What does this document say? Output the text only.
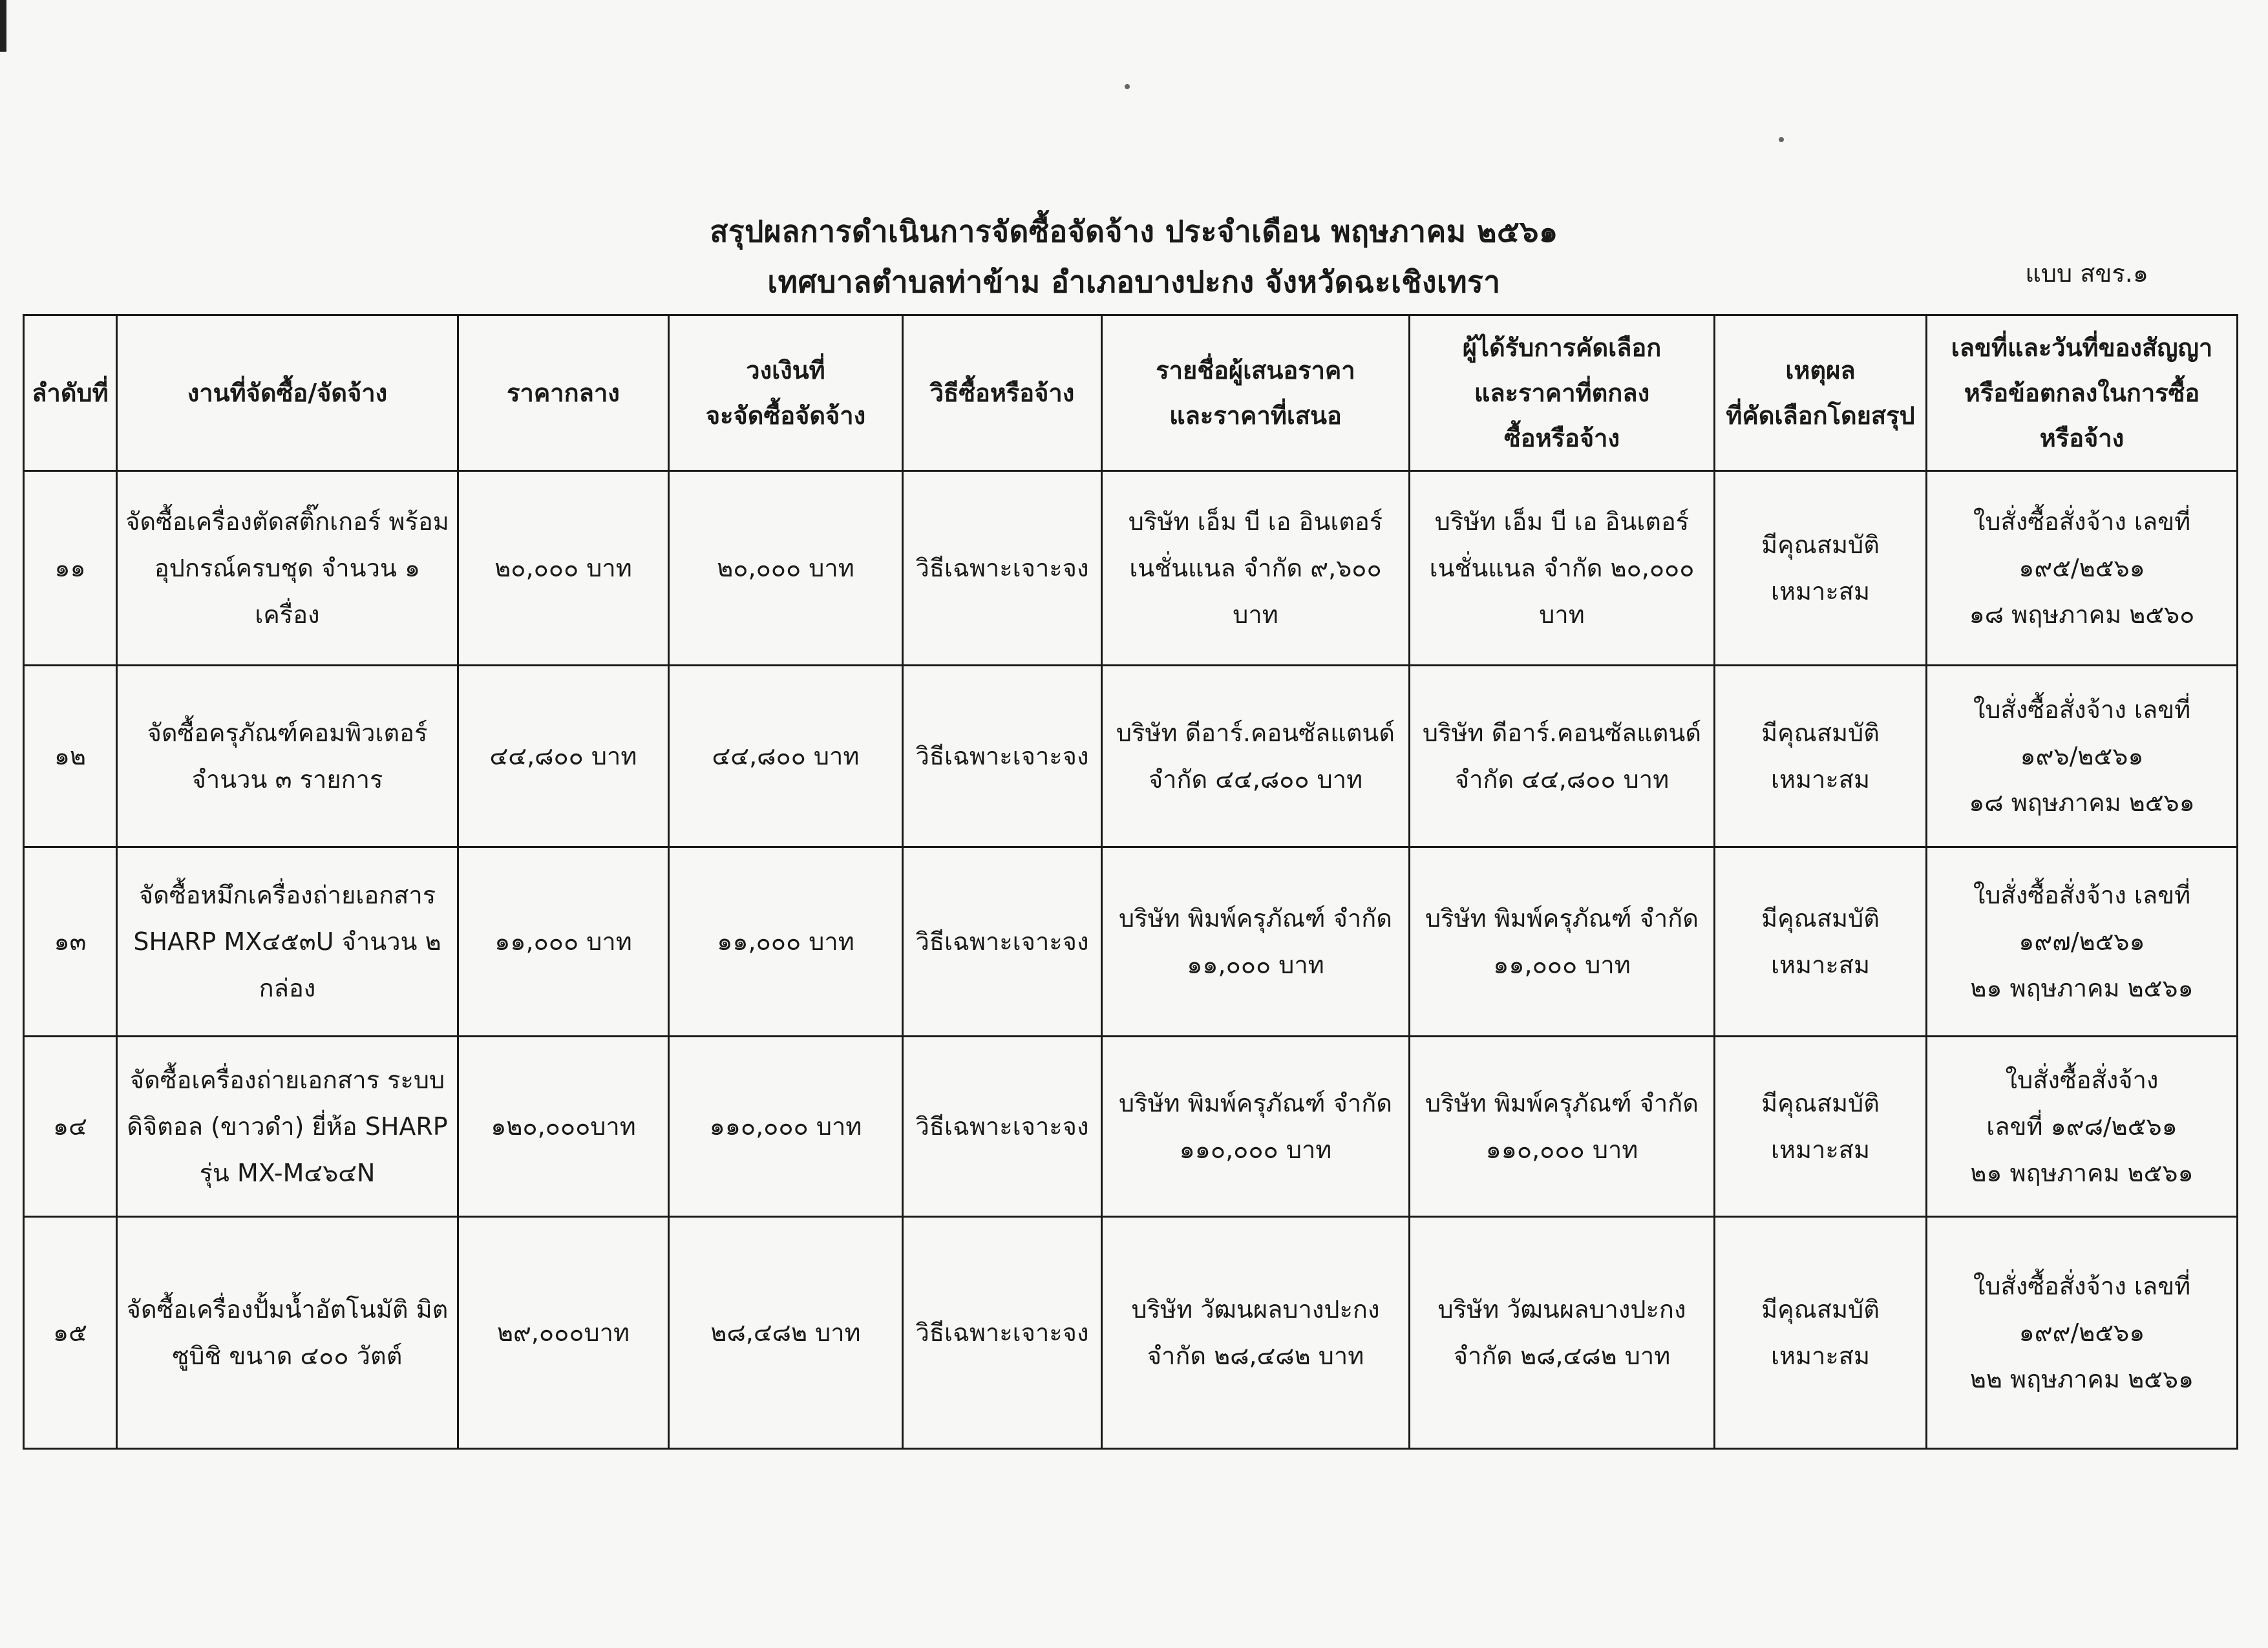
สรุปผลการดำเนินการจัดซื้อจัดจ้าง ประจำเดือน พฤษภาคม ๒๕๖๑
เทศบาลตำบลท่าข้าม อำเภอบางปะกง จังหวัดฉะเชิงเทรา	แบบ สขร.๑
ลำดับที่	งานที่จัดซื้อ/จัดจ้าง	ราคากลาง	วงเงินที่
จะจัดซื้อจัดจ้าง	วิธีซื้อหรือจ้าง	รายชื่อผู้เสนอราคา
และราคาที่เสนอ	ผู้ได้รับการคัดเลือก
และราคาที่ตกลง
ซื้อหรือจ้าง	เหตุผล
ที่คัดเลือกโดยสรุป	เลขที่และวันที่ของสัญญา
หรือข้อตกลงในการซื้อ
หรือจ้าง
๑๑	จัดซื้อเครื่องตัดสติ๊กเกอร์ พร้อม
อุปกรณ์ครบชุด จำนวน ๑ เครื่อง	๒๐,๐๐๐ บาท	๒๐,๐๐๐ บาท	วิธีเฉพาะเจาะจง	บริษัท เอ็ม บี เอ อินเตอร์
เนชั่นแนล จำกัด ๙,๖๐๐
บาท	บริษัท เอ็ม บี เอ อินเตอร์
เนชั่นแนล จำกัด ๒๐,๐๐๐
บาท	มีคุณสมบัติ
เหมาะสม	ใบสั่งซื้อสั่งจ้าง เลขที่
๑๙๕/๒๕๖๑
๑๘ พฤษภาคม ๒๕๖๐
๑๒	จัดซื้อครุภัณฑ์คอมพิวเตอร์
จำนวน ๓ รายการ	๔๔,๘๐๐ บาท	๔๔,๘๐๐ บาท	วิธีเฉพาะเจาะจง	บริษัท ดีอาร์.คอนซัลแตนด์
จำกัด ๔๔,๘๐๐ บาท	บริษัท ดีอาร์.คอนซัลแตนด์
จำกัด ๔๔,๘๐๐ บาท	มีคุณสมบัติ
เหมาะสม	ใบสั่งซื้อสั่งจ้าง เลขที่
๑๙๖/๒๕๖๑
๑๘ พฤษภาคม ๒๕๖๑
๑๓	จัดซื้อหมึกเครื่องถ่ายเอกสาร
SHARP MX๔๕๓U จำนวน ๒
กล่อง	๑๑,๐๐๐ บาท	๑๑,๐๐๐ บาท	วิธีเฉพาะเจาะจง	บริษัท พิมพ์ครุภัณฑ์ จำกัด
๑๑,๐๐๐ บาท	บริษัท พิมพ์ครุภัณฑ์ จำกัด
๑๑,๐๐๐ บาท	มีคุณสมบัติ
เหมาะสม	ใบสั่งซื้อสั่งจ้าง เลขที่
๑๙๗/๒๕๖๑
๒๑ พฤษภาคม ๒๕๖๑
๑๔	จัดซื้อเครื่องถ่ายเอกสาร ระบบ
ดิจิตอล (ขาวดำ) ยี่ห้อ SHARP
รุ่น MX-M๔๖๔N	๑๒๐,๐๐๐บาท	๑๑๐,๐๐๐ บาท	วิธีเฉพาะเจาะจง	บริษัท พิมพ์ครุภัณฑ์ จำกัด
๑๑๐,๐๐๐ บาท	บริษัท พิมพ์ครุภัณฑ์ จำกัด
๑๑๐,๐๐๐ บาท	มีคุณสมบัติ
เหมาะสม	ใบสั่งซื้อสั่งจ้าง
เลขที่ ๑๙๘/๒๕๖๑
๒๑ พฤษภาคม ๒๕๖๑
๑๕	จัดซื้อเครื่องปั้มน้ำอัตโนมัติ มิต
ซูบิชิ ขนาด ๔๐๐ วัตต์	๒๙,๐๐๐บาท	๒๘,๔๘๒ บาท	วิธีเฉพาะเจาะจง	บริษัท วัฒนผลบางปะกง
จำกัด ๒๘,๔๘๒ บาท	บริษัท วัฒนผลบางปะกง
จำกัด ๒๘,๔๘๒ บาท	มีคุณสมบัติ
เหมาะสม	ใบสั่งซื้อสั่งจ้าง เลขที่
๑๙๙/๒๕๖๑
๒๒ พฤษภาคม ๒๕๖๑
